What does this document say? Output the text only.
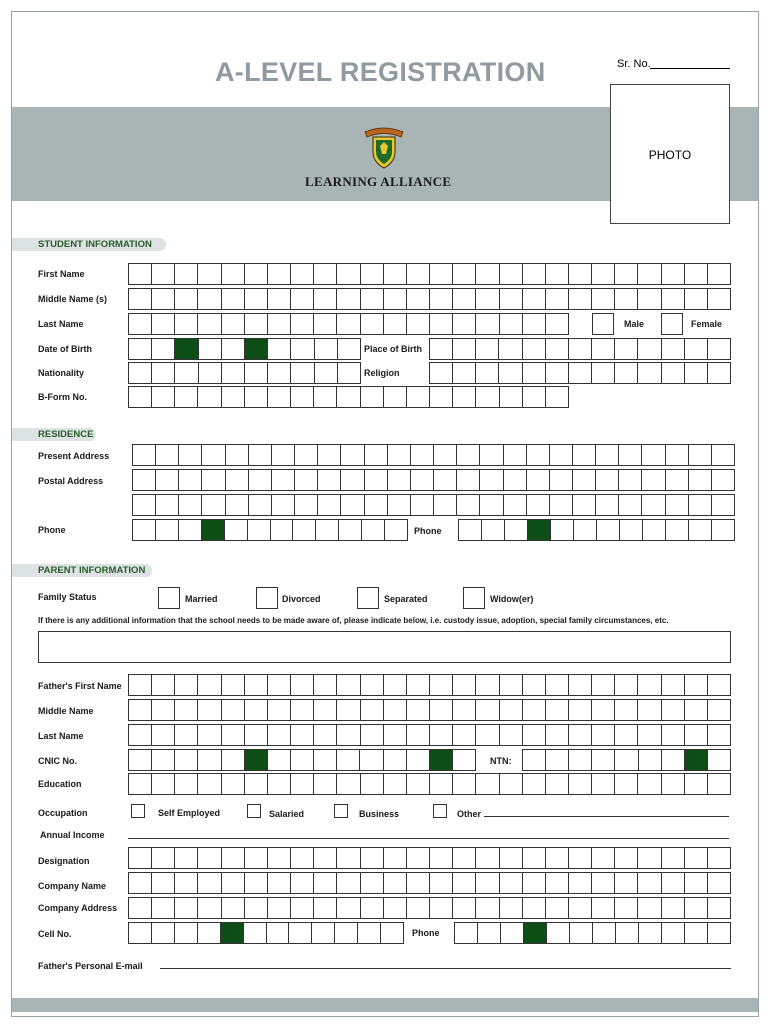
A-LEVEL REGISTRATION	Sr. No.
PHOTO
LEARNING ALLIANCE
STUDENT INFORMATION
First Name
Middle Name (s)
Last Name	Male	Female
Date of Birth	Place of Birth
Nationality	Religion
B-Form No.
RESIDENCE
Present Address
Postal Address
Phone	Phone
PARENT INFORMATION
Family Status	Married	Divorced	Separated	Widow(er)
If there is any additional information that the school needs to be made aware of, please indicate below, i.e. custody issue, adoption, special family circumstances, etc.
Father's First Name
Middle Name
Last Name
CNIC No.	NTN:
Education
Occupation	Self Employed	Salaried	Business	Other
Annual Income
Designation
Company Name
Company Address
Cell No.	Phone
Father's Personal E-mail
